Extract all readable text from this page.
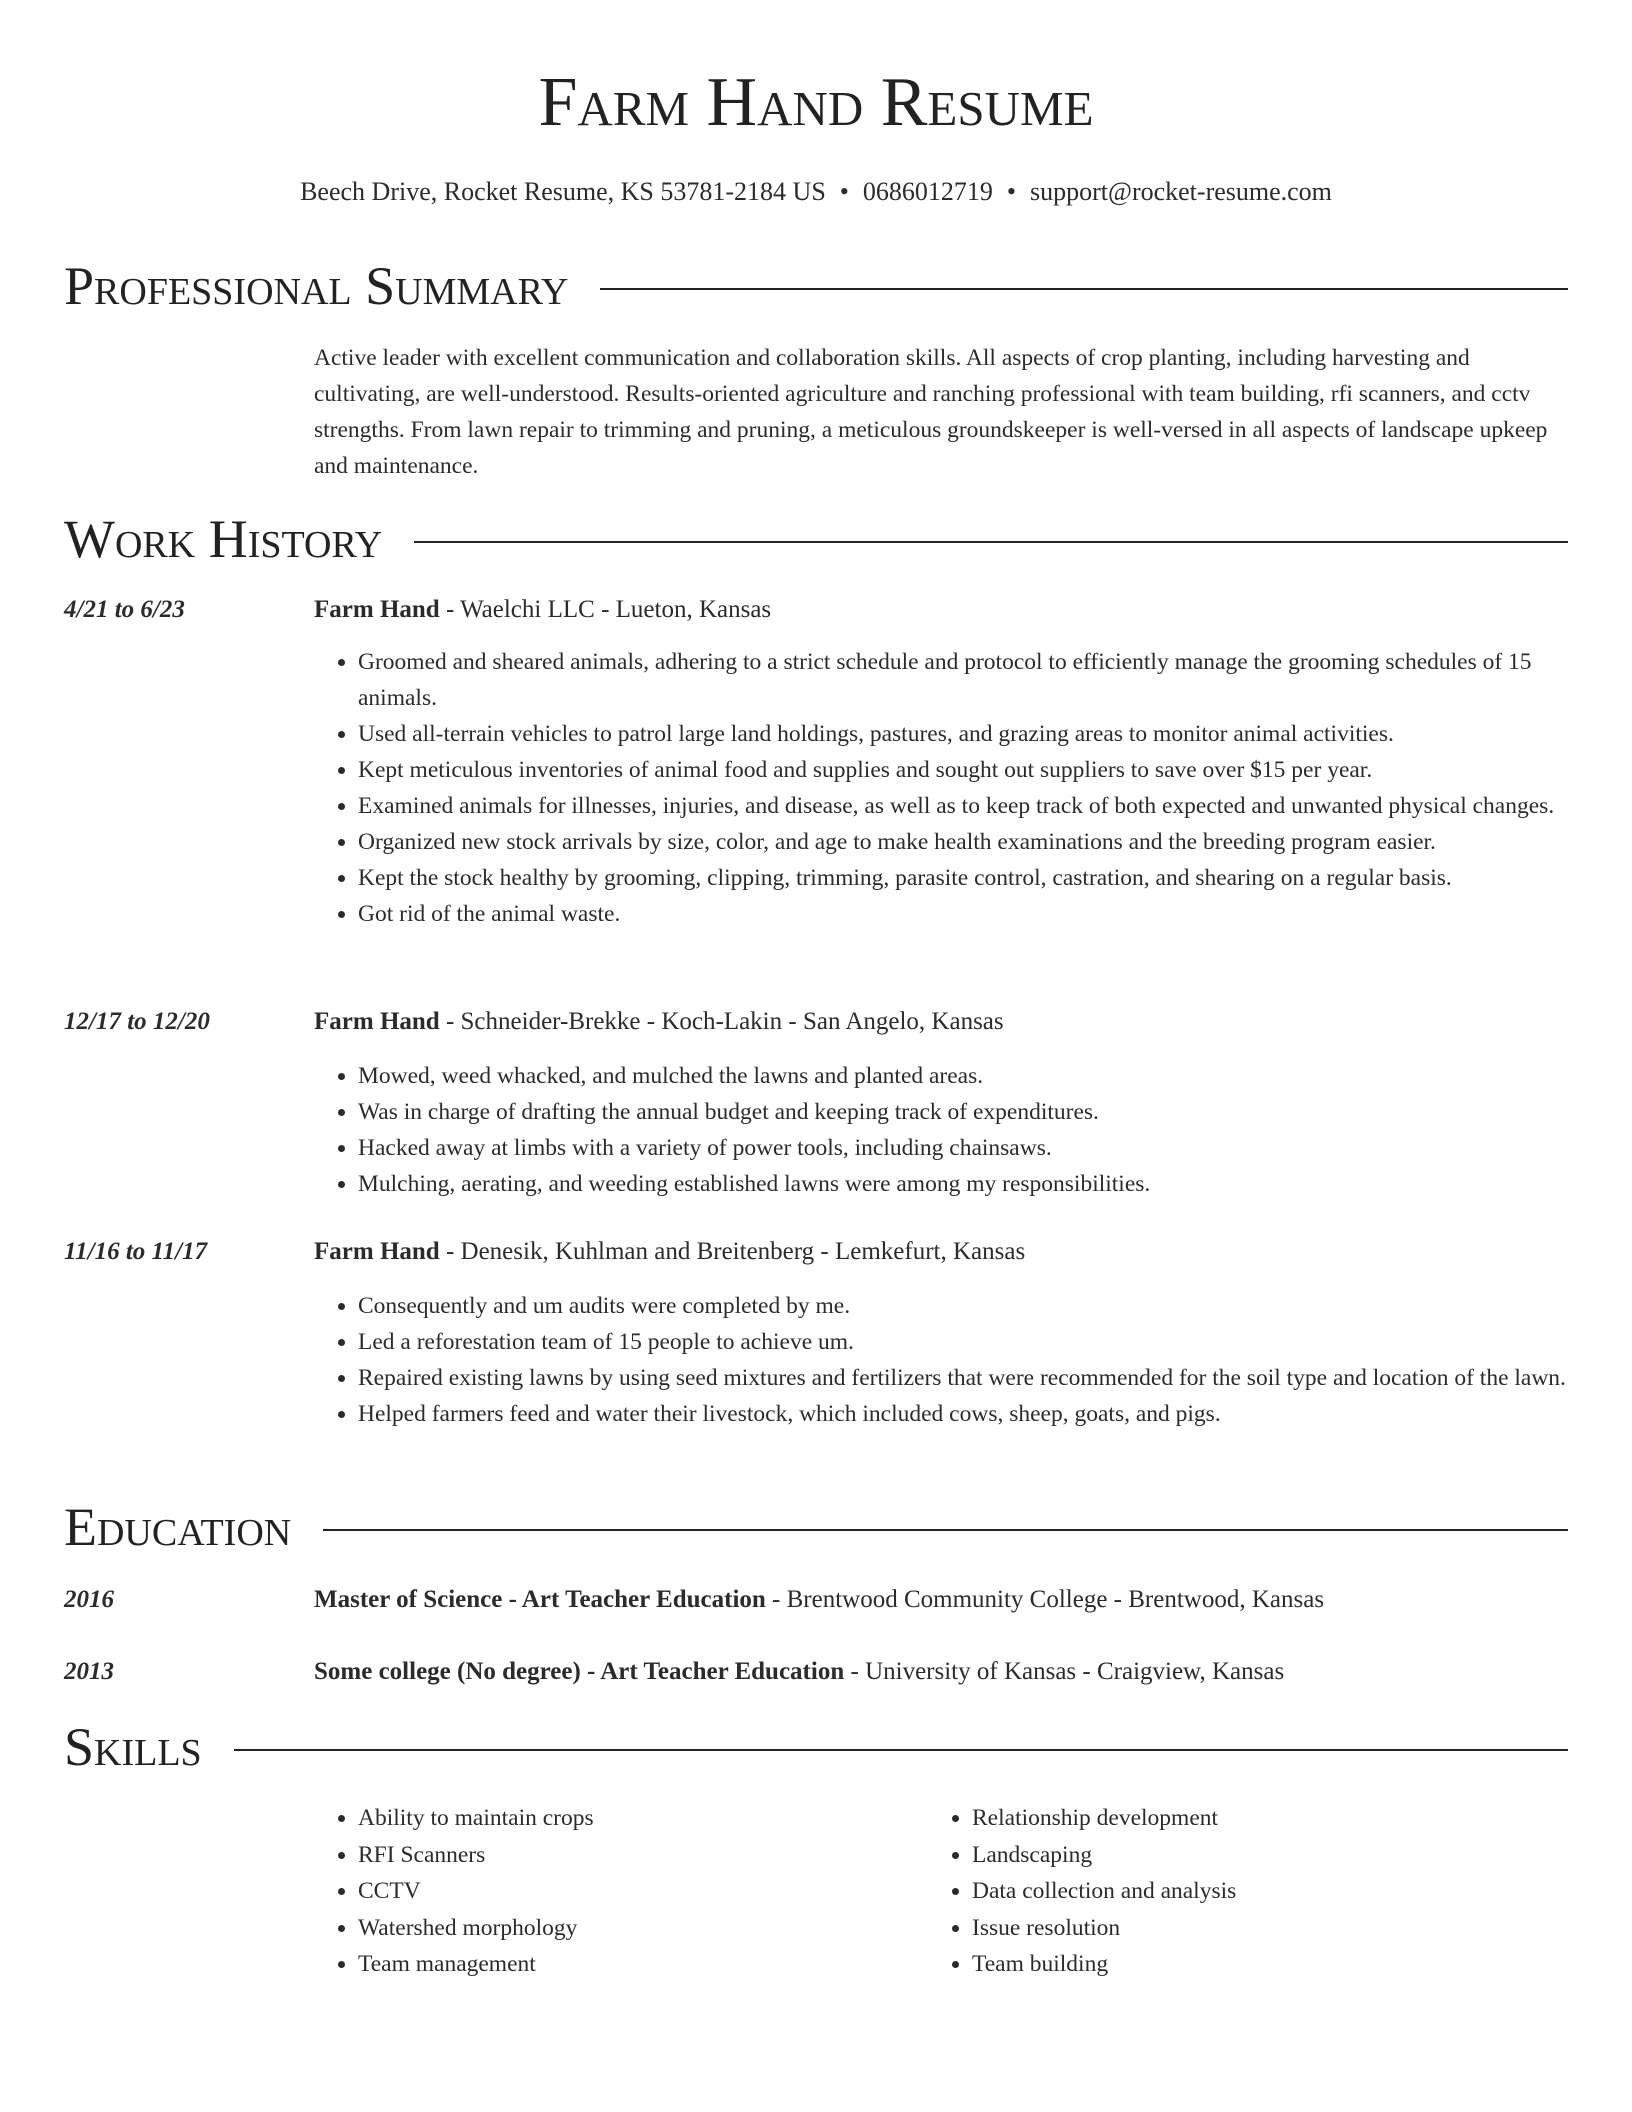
Farm Hand Resume
Beech Drive, Rocket Resume, KS 53781-2184 US • 0686012719 • support@rocket-resume.com
Professional Summary

Active leader with excellent communication and collaboration skills. All aspects of crop planting, including harvesting and cultivating, are well-understood. Results-oriented agriculture and ranching professional with team building, rfi scanners, and cctv strengths. From lawn repair to trimming and pruning, a meticulous groundskeeper is well-versed in all aspects of landscape upkeep and maintenance.

Work History
4/21 to 6/23	Farm Hand - Waelchi LLC - Lueton, Kansas
• Groomed and sheared animals, adhering to a strict schedule and protocol to efficiently manage the grooming schedules of 15 animals.
• Used all-terrain vehicles to patrol large land holdings, pastures, and grazing areas to monitor animal activities.
• Kept meticulous inventories of animal food and supplies and sought out suppliers to save over $15 per year.
• Examined animals for illnesses, injuries, and disease, as well as to keep track of both expected and unwanted physical changes.
• Organized new stock arrivals by size, color, and age to make health examinations and the breeding program easier.
• Kept the stock healthy by grooming, clipping, trimming, parasite control, castration, and shearing on a regular basis.
• Got rid of the animal waste.
12/17 to 12/20	Farm Hand - Schneider-Brekke - Koch-Lakin - San Angelo, Kansas
• Mowed, weed whacked, and mulched the lawns and planted areas.
• Was in charge of drafting the annual budget and keeping track of expenditures.
• Hacked away at limbs with a variety of power tools, including chainsaws.
• Mulching, aerating, and weeding established lawns were among my responsibilities.
11/16 to 11/17	Farm Hand - Denesik, Kuhlman and Breitenberg - Lemkefurt, Kansas
• Consequently and um audits were completed by me.
• Led a reforestation team of 15 people to achieve um.
• Repaired existing lawns by using seed mixtures and fertilizers that were recommended for the soil type and location of the lawn.
• Helped farmers feed and water their livestock, which included cows, sheep, goats, and pigs.
Education
2016	Master of Science - Art Teacher Education - Brentwood Community College - Brentwood, Kansas
2013	Some college (No degree) - Art Teacher Education - University of Kansas - Craigview, Kansas
Skills
• Ability to maintain crops
• RFI Scanners
• CCTV
• Watershed morphology
• Team management
• Relationship development
• Landscaping
• Data collection and analysis
• Issue resolution
• Team building
